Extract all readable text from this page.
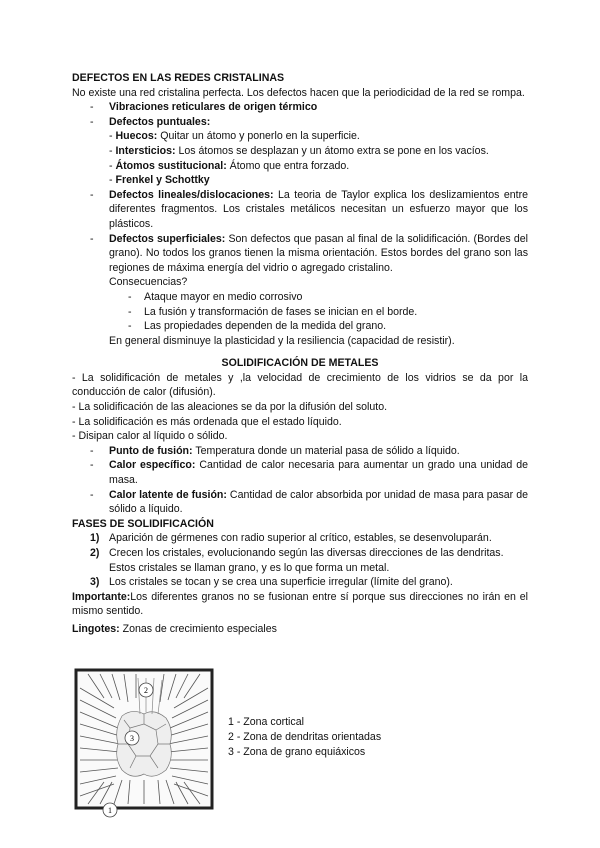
DEFECTOS EN LAS REDES CRISTALINAS

No existe una red cristalina perfecta. Los defectos hacen que la periodicidad de la red se rompa.

- Vibraciones reticulares de origen térmico
- Defectos puntuales:
- Huecos: Quitar un átomo y ponerlo en la superficie.
- Intersticios: Los átomos se desplazan y un átomo extra se pone en los vacíos.
- Átomos sustitucional: Átomo que entra forzado.
- Frenkel y Schottky
- Defectos lineales/dislocaciones: La teoria de Taylor explica los deslizamientos entre diferentes fragmentos. Los cristales metálicos necesitan un esfuerzo mayor que los plásticos.
- Defectos superficiales: Son defectos que pasan al final de la solidificación. (Bordes del grano). No todos los granos tienen la misma orientación. Estos bordes del grano son las regiones de máxima energía del vidrio o agregado cristalino.
Consecuencias?
- Ataque mayor en medio corrosivo
- La fusión y transformación de fases se inician en el borde.
- Las propiedades dependen de la medida del grano.
En general disminuye la plasticidad y la resiliencia (capacidad de resistir).

SOLIDIFICACIÓN DE METALES

- La solidificación de metales y ,la velocidad de crecimiento de los vidrios se da por la conducción de calor (difusión).

- La solidificación de las aleaciones se da por la difusión del soluto.

- La solidificación es más ordenada que el estado líquido.

- Disipan calor al líquido o sólido.

- Punto de fusión: Temperatura donde un material pasa de sólido a líquido.
- Calor específico: Cantidad de calor necesaria para aumentar un grado una unidad de masa.
- Calor latente de fusión: Cantidad de calor absorbida por unidad de masa para pasar de sólido a líquido.

FASES DE SOLIDIFICACIÓN

1) Aparición de gérmenes con radio superior al crítico, estables, se desenvoluparán.
2) Crecen los cristales, evolucionando según las diversas direcciones de las dendritas. Estos cristales se llaman grano, y es lo que forma un metal.
3) Los cristales se tocan y se crea una superficie irregular (límite del grano).

Importante:Los diferentes granos no se fusionan entre sí porque sus direcciones no irán en el mismo sentido.

Lingotes: Zonas de crecimiento especiales

2
3
1
1 - Zona cortical
2 - Zona de dendritas orientadas
3 - Zona de grano equiáxicos
